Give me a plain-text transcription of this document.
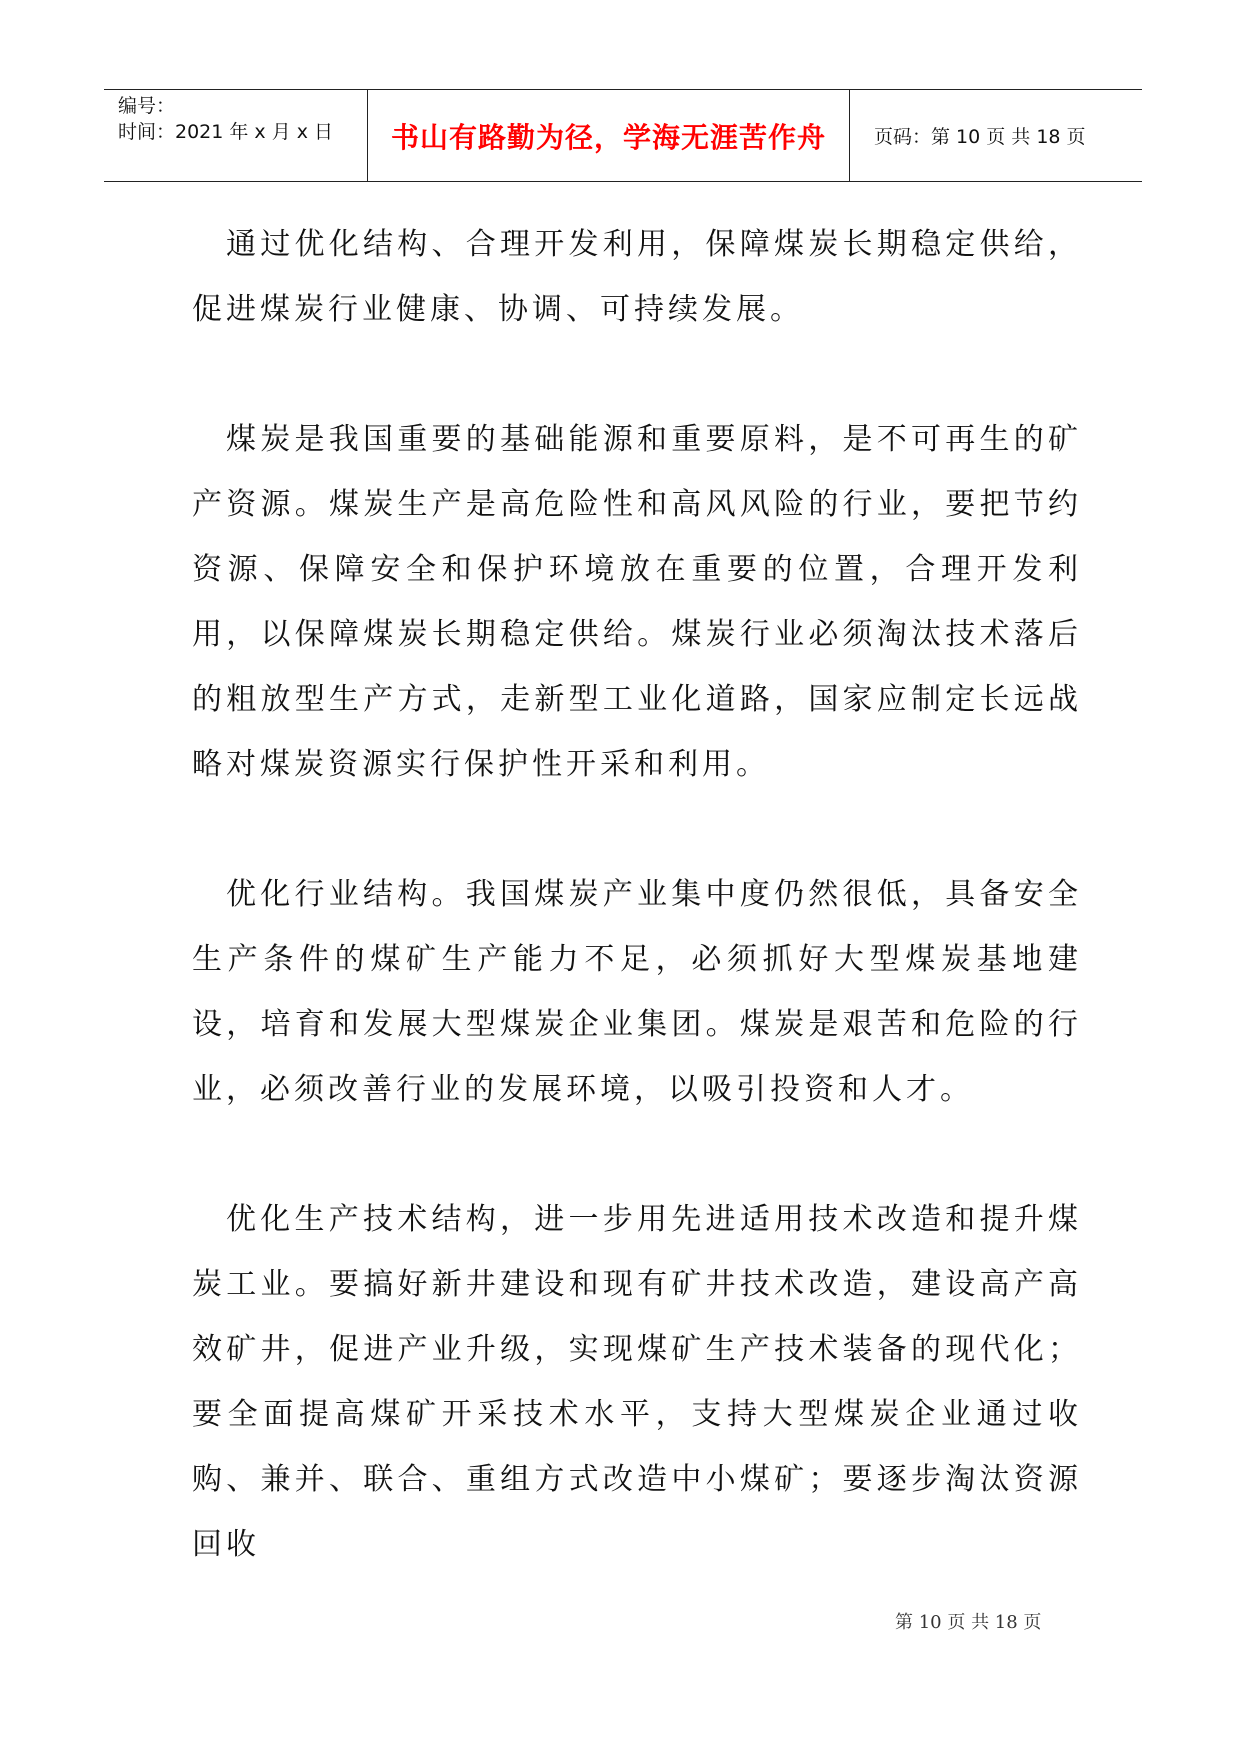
编号：
时间：2021 年 x 月 x 日	书山有路勤为径，学海无涯苦作舟	页码：第 10 页 共 18 页

通过优化结构、合理开发利用，保障煤炭长期稳定供给，促进煤炭行业健康、协调、可持续发展。

煤炭是我国重要的基础能源和重要原料，是不可再生的矿产资源。煤炭生产是高危险性和高风风险的行业，要把节约资源、保障安全和保护环境放在重要的位置，合理开发利用，以保障煤炭长期稳定供给。煤炭行业必须淘汰技术落后的粗放型生产方式，走新型工业化道路，国家应制定长远战略对煤炭资源实行保护性开采和利用。

优化行业结构。我国煤炭产业集中度仍然很低，具备安全生产条件的煤矿生产能力不足，必须抓好大型煤炭基地建设，培育和发展大型煤炭企业集团。煤炭是艰苦和危险的行业，必须改善行业的发展环境，以吸引投资和人才。

优化生产技术结构，进一步用先进适用技术改造和提升煤炭工业。要搞好新井建设和现有矿井技术改造，建设高产高效矿井，促进产业升级，实现煤矿生产技术装备的现代化；要全面提高煤矿开采技术水平，支持大型煤炭企业通过收购、兼并、联合、重组方式改造中小煤矿；要逐步淘汰资源回收

第 10 页 共 18 页
